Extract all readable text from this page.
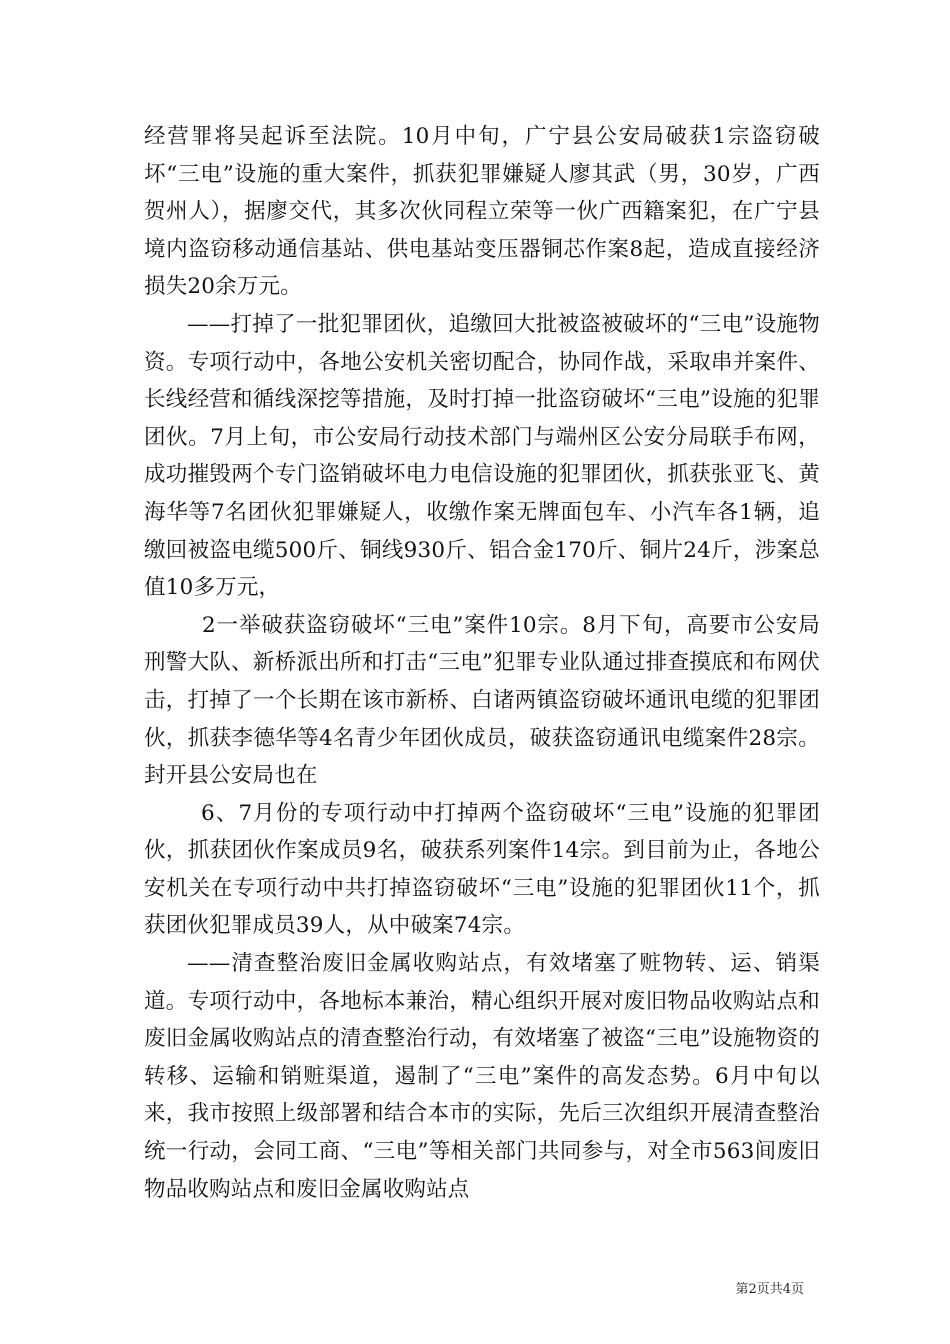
经营罪将吴起诉至法院。10月中旬，广宁县公安局破获1宗盗窃破坏“三电”设施的重大案件，抓获犯罪嫌疑人廖其武（男，30岁，广西贺州人），据廖交代，其多次伙同程立荣等一伙广西籍案犯，在广宁县境内盗窃移动通信基站、供电基站变压器铜芯作案8起，造成直接经济损失20余万元。

——打掉了一批犯罪团伙，追缴回大批被盗被破坏的“三电”设施物资。专项行动中，各地公安机关密切配合，协同作战，采取串并案件、长线经营和循线深挖等措施，及时打掉一批盗窃破坏“三电”设施的犯罪团伙。7月上旬，市公安局行动技术部门与端州区公安分局联手布网，成功摧毁两个专门盗销破坏电力电信设施的犯罪团伙，抓获张亚飞、黄海华等7名团伙犯罪嫌疑人，收缴作案无牌面包车、小汽车各1辆，追缴回被盗电缆500斤、铜线930斤、铝合金170斤、铜片24斤，涉案总值10多万元，

2一举破获盗窃破坏“三电”案件10宗。8月下旬，高要市公安局刑警大队、新桥派出所和打击“三电”犯罪专业队通过排查摸底和布网伏击，打掉了一个长期在该市新桥、白诸两镇盗窃破坏通讯电缆的犯罪团伙，抓获李德华等4名青少年团伙成员，破获盗窃通讯电缆案件28宗。封开县公安局也在

6、7月份的专项行动中打掉两个盗窃破坏“三电”设施的犯罪团伙，抓获团伙作案成员9名，破获系列案件14宗。到目前为止，各地公安机关在专项行动中共打掉盗窃破坏“三电”设施的犯罪团伙11个，抓获团伙犯罪成员39人，从中破案74宗。

——清查整治废旧金属收购站点，有效堵塞了赃物转、运、销渠道。专项行动中，各地标本兼治，精心组织开展对废旧物品收购站点和废旧金属收购站点的清查整治行动，有效堵塞了被盗“三电”设施物资的转移、运输和销赃渠道，遏制了“三电”案件的高发态势。6月中旬以来，我市按照上级部署和结合本市的实际，先后三次组织开展清查整治统一行动，会同工商、“三电”等相关部门共同参与，对全市563间废旧物品收购站点和废旧金属收购站点

第2页共4页
